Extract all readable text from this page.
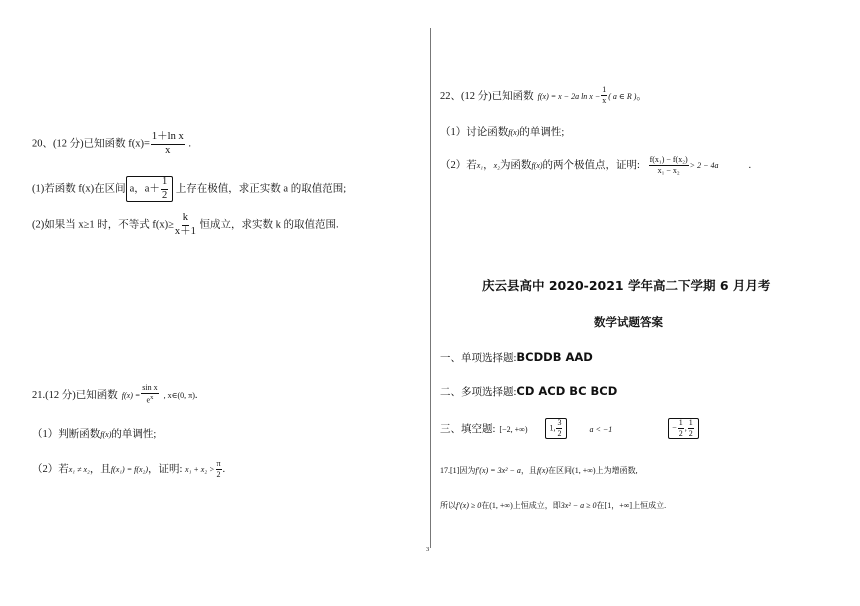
20、(12 分)已知函数 $f(x)= \frac{\text{1＋ln x}}{x}$ .
(1)若函数 f(x)在区间 a，$a+ \frac{1}{2}$ 上存在极值，求正实数 a 的取值范围;
(2)如果当 x≥1 时，不等式 $f(x)\ge \frac{k}{x+1}$ 恒成立，求实数 k 的取值范围.
21.(12 分)已知函数 $f(x) = \frac{\text{sin x}}{e^x}$ , x∈(0, π).
（1）判断函数f(x)的单调性;
（2）若x₁ ≠ x₂，且f(x₁) = f(x₂)，证明: $x_1 + x_2 > \frac{\pi}{2}$ .
3
22、(12 分)已知函数 f(x) = x − 2a $\ln x - \frac{1}{x}$ ( a ∈ R )。
（1）讨论函数f(x)的单调性;
（2）若x₁，x₂为函数f(x)的两个极值点，证明: $\frac{\text{f(x₁) − f(x₂)}}{\text{x₁ − x₂}} > 2 - 4a$	.
庆云县高中 2020-2021 学年高二下学期 6 月月考
数学试题答案
一、单项选择题:BCDDB AAD
二、多项选择题:CD ACD BC BCD
三、填空题: [−2, +∞)	1, $\frac{3}{2}$	a < −1	− $\frac{1}{2}$ , $\frac{1}{2}$
17.[1]因为f′(x) = 3x² − a，且f(x)在区间(1, +∞)上为增函数,
所以f′(x) ≥ 0在(1, +∞)上恒成立，即3x² − a ≥ 0在[1，+∞]上恒成立.
